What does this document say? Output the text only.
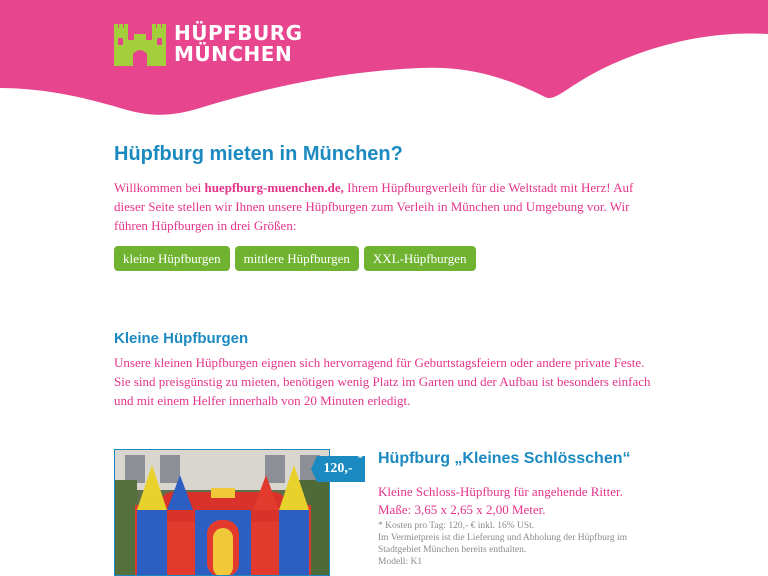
HÜPFBURG
MÜNCHEN
Hüpfburg mieten in München?

Willkommen bei huepfburg-muenchen.de, Ihrem Hüpfburgverleih für die Weltstadt mit Herz! Auf dieser Seite stellen wir Ihnen unsere Hüpfburgen zum Verleih in München und Umgebung vor. Wir führen Hüpfburgen in drei Größen:

kleine Hüpfburgen	mittlere Hüpfburgen	XXL-Hüpfburgen
Kleine Hüpfburgen

Unsere kleinen Hüpfburgen eignen sich hervorragend für Geburtstagsfeiern oder andere private Feste. Sie sind preisgünstig zu mieten, benötigen wenig Platz im Garten und der Aufbau ist besonders einfach und mit einem Helfer innerhalb von 20 Minuten erledigt.

120,-
* Hüpfburg „Kleines Schlösschen“
Kleine Schloss-Hüpfburg für angehende Ritter.
Maße: 3,65 x 2,65 x 2,00 Meter.
* Kosten pro Tag: 120,- € inkl. 16% USt.
Im Vermietpreis ist die Lieferung und Abholung der Hüpfburg im
Stadtgebiet München bereits enthalten.
Modell: K1
